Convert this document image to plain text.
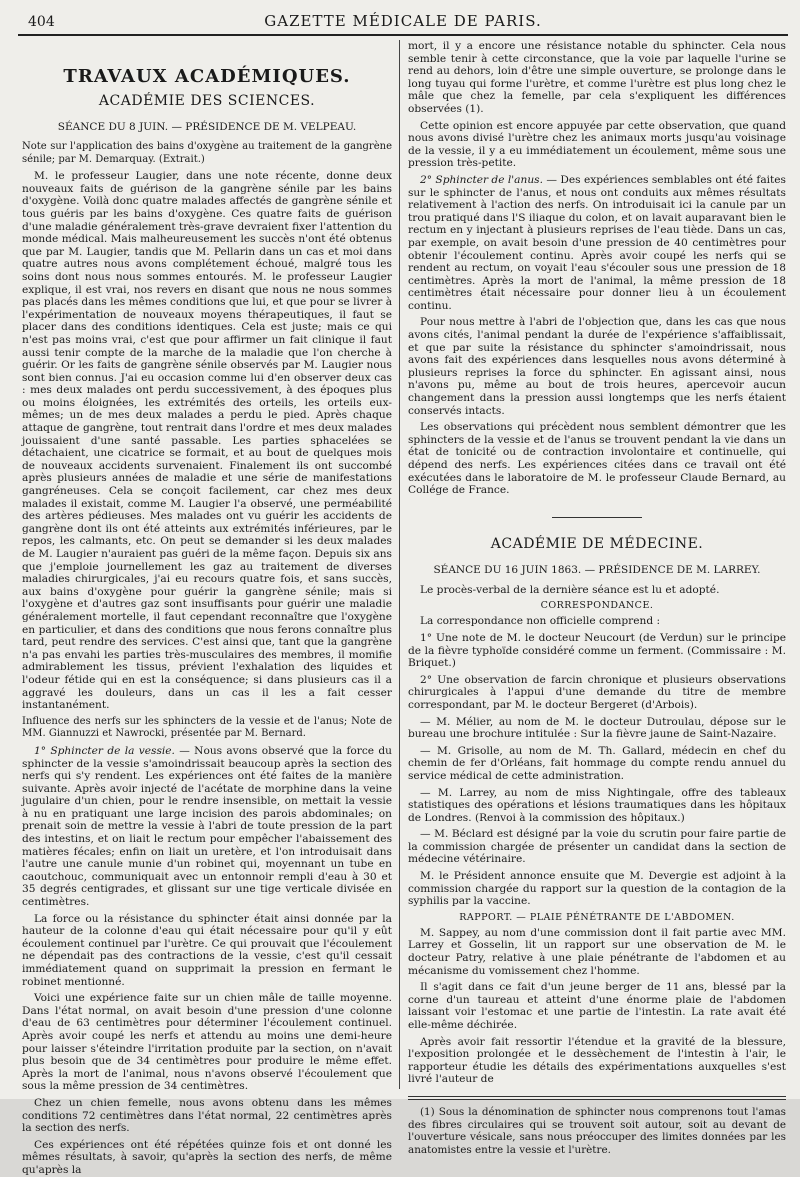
404	GAZETTE MÉDICALE DE PARIS.
TRAVAUX ACADÉMIQUES.
ACADÉMIE DES SCIENCES.
SÉANCE DU 8 JUIN. — PRÉSIDENCE DE M. VELPEAU.

Note sur l'application des bains d'oxygène au traitement de la gangrène sénile; par M. Demarquay. (Extrait.)

M. le professeur Laugier, dans une note récente, donne deux nouveaux faits de guérison de la gangrène sénile par les bains d'oxygène. Voilà donc quatre malades affectés de gangrène sénile et tous guéris par les bains d'oxygène. Ces quatre faits de guérison d'une maladie généralement très-grave devraient fixer l'attention du monde médical. Mais malheureusement les succès n'ont été obtenus que par M. Laugier, tandis que M. Pellarin dans un cas et moi dans quatre autres nous avons complétement échoué, malgré tous les soins dont nous nous sommes entourés. M. le professeur Laugier explique, il est vrai, nos revers en disant que nous ne nous sommes pas placés dans les mêmes conditions que lui, et que pour se livrer à l'expérimentation de nouveaux moyens thérapeutiques, il faut se placer dans des conditions identiques. Cela est juste; mais ce qui n'est pas moins vrai, c'est que pour affirmer un fait clinique il faut aussi tenir compte de la marche de la maladie que l'on cherche à guérir. Or les faits de gangrène sénile observés par M. Laugier nous sont bien connus. J'ai eu occasion comme lui d'en observer deux cas : mes deux malades ont perdu successivement, à des époques plus ou moins éloignées, les extrémités des orteils, les orteils eux-mêmes; un de mes deux malades a perdu le pied. Après chaque attaque de gangrène, tout rentrait dans l'ordre et mes deux malades jouissaient d'une santé passable. Les parties sphacelées se détachaient, une cicatrice se formait, et au bout de quelques mois de nouveaux accidents survenaient. Finalement ils ont succombé après plusieurs années de maladie et une série de manifestations gangréneuses. Cela se conçoit facilement, car chez mes deux malades il existait, comme M. Laugier l'a observé, une perméabilité des artères pédieuses. Mes malades ont vu guérir les accidents de gangrène dont ils ont été atteints aux extrémités inférieures, par le repos, les calmants, etc. On peut se demander si les deux malades de M. Laugier n'auraient pas guéri de la même façon. Depuis six ans que j'emploie journellement les gaz au traitement de diverses maladies chirurgicales, j'ai eu recours quatre fois, et sans succès, aux bains d'oxygène pour guérir la gangrène sénile; mais si l'oxygène et d'autres gaz sont insuffisants pour guérir une maladie généralement mortelle, il faut cependant reconnaître que l'oxygène en particulier, et dans des conditions que nous ferons connaître plus tard, peut rendre des services. C'est ainsi que, tant que la gangrène n'a pas envahi les parties très-musculaires des membres, il momifie admirablement les tissus, prévient l'exhalation des liquides et l'odeur fétide qui en est la conséquence; si dans plusieurs cas il a aggravé les douleurs, dans un cas il les a fait cesser instantanément.

Influence des nerfs sur les sphincters de la vessie et de l'anus; Note de MM. Giannuzzi et Nawrocki, présentée par M. Bernard.

1° Sphincter de la vessie. — Nous avons observé que la force du sphincter de la vessie s'amoindrissait beaucoup après la section des nerfs qui s'y rendent. Les expériences ont été faites de la manière suivante. Après avoir injecté de l'acétate de morphine dans la veine jugulaire d'un chien, pour le rendre insensible, on mettait la vessie à nu en pratiquant une large incision des parois abdominales; on prenait soin de mettre la vessie à l'abri de toute pression de la part des intestins, et on liait le rectum pour empêcher l'abaissement des matières fécales; enfin on liait un uretère, et l'on introduisait dans l'autre une canule munie d'un robinet qui, moyennant un tube en caoutchouc, communiquait avec un entonnoir rempli d'eau à 30 et 35 degrés centigrades, et glissant sur une tige verticale divisée en centimètres.

La force ou la résistance du sphincter était ainsi donnée par la hauteur de la colonne d'eau qui était nécessaire pour qu'il y eût écoulement continuel par l'urètre. Ce qui prouvait que l'écoulement ne dépendait pas des contractions de la vessie, c'est qu'il cessait immédiatement quand on supprimait la pression en fermant le robinet mentionné.

Voici une expérience faite sur un chien mâle de taille moyenne. Dans l'état normal, on avait besoin d'une pression d'une colonne d'eau de 63 centimètres pour déterminer l'écoulement continuel. Après avoir coupé les nerfs et attendu au moins une demi-heure pour laisser s'éteindre l'irritation produite par la section, on n'avait plus besoin que de 34 centimètres pour produire le même effet. Après la mort de l'animal, nous n'avons observé l'écoulement que sous la même pression de 34 centimètres.

Chez un chien femelle, nous avons obtenu dans les mêmes conditions 72 centimètres dans l'état normal, 22 centimètres après la section des nerfs.

Ces expériences ont été répétées quinze fois et ont donné les mêmes résultats, à savoir, qu'après la section des nerfs, de même qu'après la

mort, il y a encore une résistance notable du sphincter. Cela nous semble tenir à cette circonstance, que la voie par laquelle l'urine se rend au dehors, loin d'être une simple ouverture, se prolonge dans le long tuyau qui forme l'urètre, et comme l'urètre est plus long chez le mâle que chez la femelle, par cela s'expliquent les différences observées (1).

Cette opinion est encore appuyée par cette observation, que quand nous avons divisé l'urètre chez les animaux morts jusqu'au voisinage de la vessie, il y a eu immédiatement un écoulement, même sous une pression très-petite.

2° Sphincter de l'anus. — Des expériences semblables ont été faites sur le sphincter de l'anus, et nous ont conduits aux mêmes résultats relativement à l'action des nerfs. On introduisait ici la canule par un trou pratiqué dans l'S iliaque du colon, et on lavait auparavant bien le rectum en y injectant à plusieurs reprises de l'eau tiède. Dans un cas, par exemple, on avait besoin d'une pression de 40 centimètres pour obtenir l'écoulement continu. Après avoir coupé les nerfs qui se rendent au rectum, on voyait l'eau s'écouler sous une pression de 18 centimètres. Après la mort de l'animal, la même pression de 18 centimètres était nécessaire pour donner lieu à un écoulement continu.

Pour nous mettre à l'abri de l'objection que, dans les cas que nous avons cités, l'animal pendant la durée de l'expérience s'affaiblissait, et que par suite la résistance du sphincter s'amoindrissait, nous avons fait des expériences dans lesquelles nous avons déterminé à plusieurs reprises la force du sphincter. En agissant ainsi, nous n'avons pu, même au bout de trois heures, apercevoir aucun changement dans la pression aussi longtemps que les nerfs étaient conservés intacts.

Les observations qui précèdent nous semblent démontrer que les sphincters de la vessie et de l'anus se trouvent pendant la vie dans un état de tonicité ou de contraction involontaire et continuelle, qui dépend des nerfs. Les expériences citées dans ce travail ont été exécutées dans le laboratoire de M. le professeur Claude Bernard, au Collége de France.

ACADÉMIE DE MÉDECINE.
SÉANCE DU 16 JUIN 1863. — PRÉSIDENCE DE M. LARREY.

Le procès-verbal de la dernière séance est lu et adopté.

CORRESPONDANCE.

La correspondance non officielle comprend :

1° Une note de M. le docteur Neucourt (de Verdun) sur le principe de la fièvre typhoïde considéré comme un ferment. (Commissaire : M. Briquet.)

2° Une observation de farcin chronique et plusieurs observations chirurgicales à l'appui d'une demande du titre de membre correspondant, par M. le docteur Bergeret (d'Arbois).

— M. Mélier, au nom de M. le docteur Dutroulau, dépose sur le bureau une brochure intitulée : Sur la fièvre jaune de Saint-Nazaire.

— M. Grisolle, au nom de M. Th. Gallard, médecin en chef du chemin de fer d'Orléans, fait hommage du compte rendu annuel du service médical de cette administration.

— M. Larrey, au nom de miss Nightingale, offre des tableaux statistiques des opérations et lésions traumatiques dans les hôpitaux de Londres. (Renvoi à la commission des hôpitaux.)

— M. Béclard est désigné par la voie du scrutin pour faire partie de la commission chargée de présenter un candidat dans la section de médecine vétérinaire.

M. le Président annonce ensuite que M. Devergie est adjoint à la commission chargée du rapport sur la question de la contagion de la syphilis par la vaccine.

RAPPORT. — PLAIE PÉNÉTRANTE DE L'ABDOMEN.

M. Sappey, au nom d'une commission dont il fait partie avec MM. Larrey et Gosselin, lit un rapport sur une observation de M. le docteur Patry, relative à une plaie pénétrante de l'abdomen et au mécanisme du vomissement chez l'homme.

Il s'agit dans ce fait d'un jeune berger de 11 ans, blessé par la corne d'un taureau et atteint d'une énorme plaie de l'abdomen laissant voir l'estomac et une partie de l'intestin. La rate avait été elle-même déchirée.

Après avoir fait ressortir l'étendue et la gravité de la blessure, l'exposition prolongée et le dessèchement de l'intestin à l'air, le rapporteur étudie les détails des expérimentations auxquelles s'est livré l'auteur de

(1) Sous la dénomination de sphincter nous comprenons tout l'amas des fibres circulaires qui se trouvent soit autour, soit au devant de l'ouverture vésicale, sans nous préoccuper des limites données par les anatomistes entre la vessie et l'urètre.
